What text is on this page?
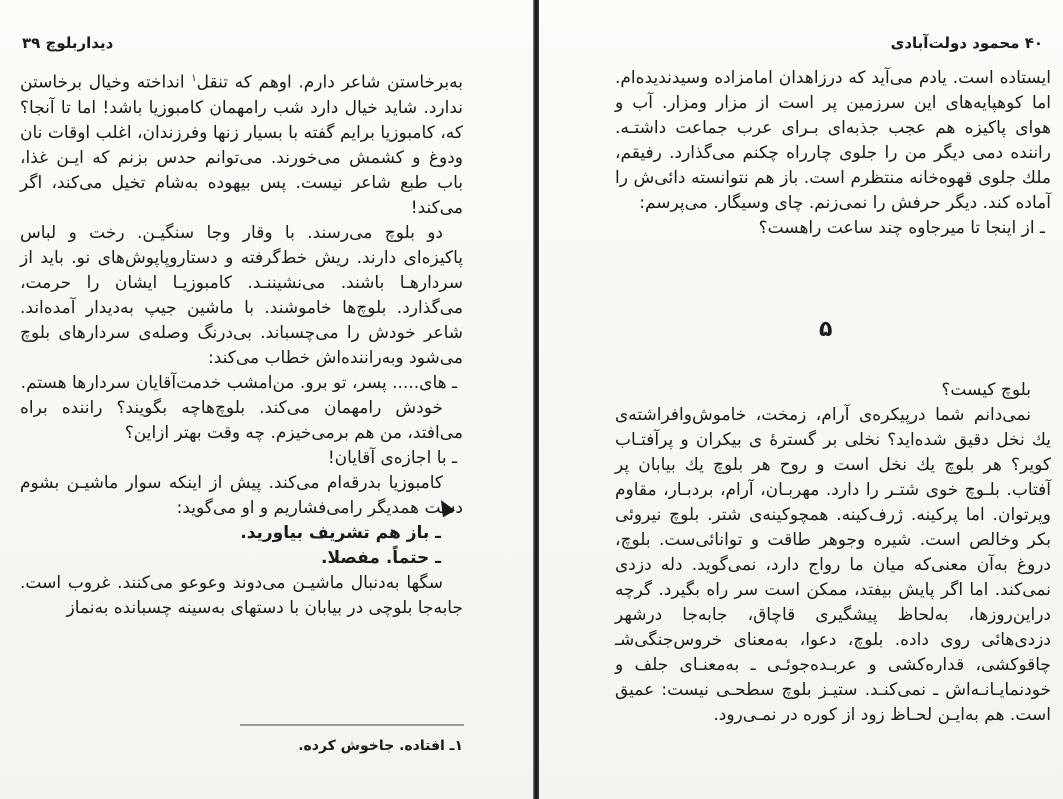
دیداربلوچ ۳۹

به‌برخاستن شاعر دارم. اوهم که تنقل$^۱$ انداخته وخیال برخاستن ندارد. شاید خیال دارد شب رامهمان کامبوزیا باشد! اما تا آنجا؟ که، کامبوزیا برایم گفته با بسیار زنها وفرزندان، اغلب اوقات نان ودوغ و کشمش می‌خورند. می‌توانم حدس بزنم که ایـن غذا، باب طبع شاعر نیست. پس بیهوده به‌شام تخیل می‌کند، اگر می‌کند!

دو بلوچ می‌رسند. با وقار وجا سنگیـن. رخت و لباس پاکیزه‌ای دارند. ریش خط‌گرفته و دستاروپاپوش‌های نو. باید از سردارهـا باشند. می‌نشیننـد. کامبوزیـا ایشان را حرمت، می‌گذارد. بلوچ‌ها خاموشند. با ماشین جیپ به‌دیدار آمده‌اند. شاعر خودش را می‌چسباند. بی‌درنگ وصله‌ی سردارهای بلوچ می‌شود وبه‌راننده‌اش خطاب می‌کند:

ـ های..... پسر، تو برو. من‌امشب خدمت‌آقایان سردارها هستم.

خودش رامهمان می‌کند. بلوچ‌هاچه بگویند؟ راننده براه می‌افتد، من هم برمی‌خیزم. چه وقت بهتر ازاین؟

ـ با اجازه‌ی آقایان!

کامبوزیا بدرقه‌ام می‌کند. پیش از اینکه سوار ماشیـن بشوم دست همدیگر رامی‌فشاریم و او می‌گوید:

ـ باز هم تشریف بیاورید.

ـ حتماً. مفصلا.

سگها به‌دنبال ماشیـن می‌دوند وعوعو می‌کنند. غروب است. جابه‌جا بلوچی در بیابان با دستهای به‌سینه چسبانده به‌نماز

۱ـ افتاده. جاخوش کرده.
۴۰ محمود دولت‌آبادی

ایستاده است. یادم می‌آید که درزاهدان امامزاده وسیدندیده‌ام. اما کوهپایه‌های این سرزمین پر است از مزار ومزار. آب و هوای پاکیزه هم عجب جذبه‌ای بـرای عرب جماعت داشتـه. راننده دمی دیگر من را جلوی چارراه چکنم می‌گذارد. رفیقم، ملك جلوی قهوه‌خانه منتظرم است. باز هم نتوانسته دائی‌ش را آماده کند. دیگر حرفش را نمی‌زنم. چای وسیگار. می‌پرسم:

ـ از اینجا تا میرجاوه چند ساعت راهست؟

۵

بلوچ کیست؟

نمی‌دانم شما درپیکره‌ی آرام، زمخت، خاموش‌وافراشته‌ی یك نخل دقیق شده‌اید؟ نخلی بر گسترهٔ ی بیکران و پرآفتـاب کویر؟ هر بلوچ یك نخل است و روح هر بلوچ یك بیابان پر آفتاب. بلـوچ خوی شتـر را دارد. مهربـان، آرام، بردبـار، مقاوم وپرتوان. اما پرکینه. ژرف‌کینه. همچوکینه‌ی شتر. بلوچ نیروئی بکر وخالص است. شیره وجوهر طاقت و توانائی‌ست. بلوچ، دروغ به‌آن معنی‌که میان ما رواج دارد، نمی‌گوید. دله دزدی نمی‌کند. اما اگر پایش بیفتد، ممکن است سر راه بگیرد. گرچه دراین‌روزها، به‌لحاظ پیشگیری قاچاق، جابه‌جا درشهر دزدی‌هائی روی داده. بلوچ، دعوا، به‌معنای خروس‌جنگی‌شـ چاقوکشی، قداره‌کشی و عربـده‌جوئـی ـ به‌معنـای جلف و خودنمایـانـه‌اش ـ نمی‌کنـد. ستیـز بلوچ سطحـی نیست: عمیق است. هم به‌ایـن لحـاظ زود از کوره در نمـی‌رود.
